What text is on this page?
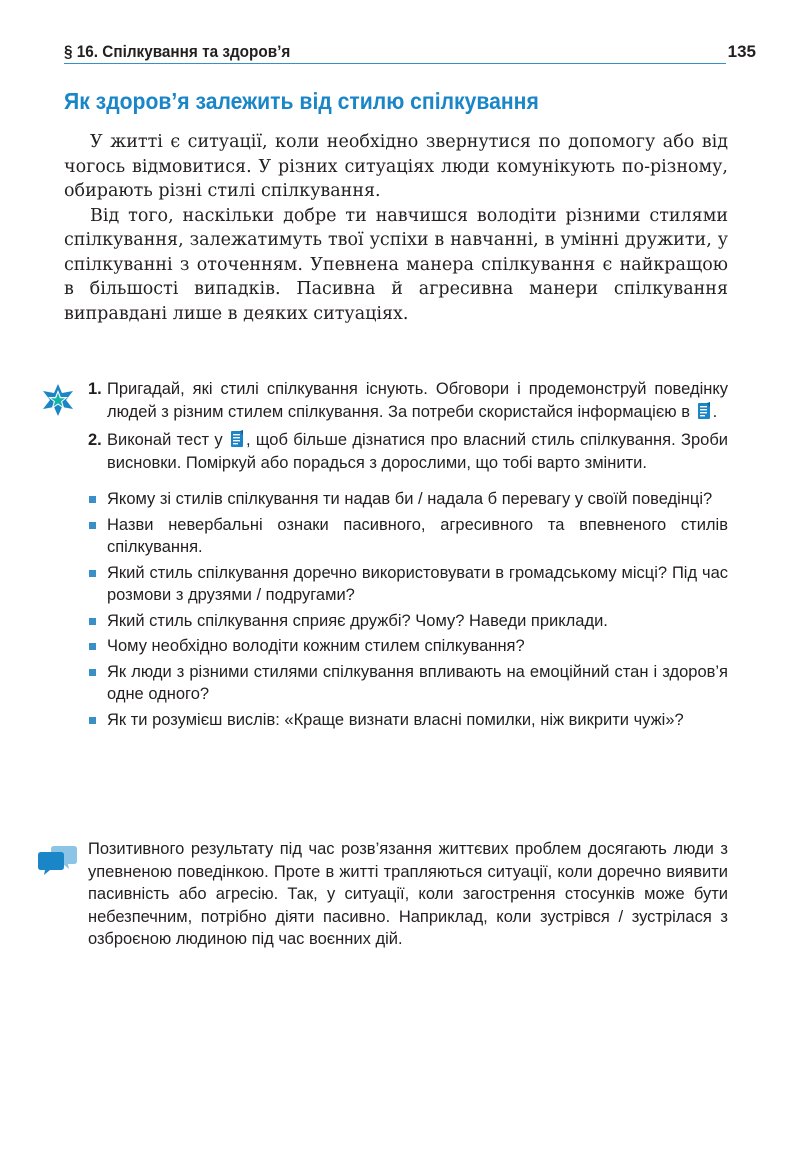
§ 16. Спілкування та здоров’я	135
Як здоров’я залежить від стилю спілкування

У житті є ситуації, коли необхідно звернутися по допомогу або від чогось відмовитися. У різних ситуаціях люди комунікують по-різному, обирають різні стилі спілкування.

Від того, наскільки добре ти навчишся володіти різними стилями спілкування, залежатимуть твої успіхи в навчанні, в умінні дружити, у спілкуванні з оточенням. Упевнена манера спілкування є найкращою в більшості випадків. Пасивна й агресивна манери спілкування виправдані лише в деяких ситуаціях.

1. Пригадай, які стилі спілкування існують. Обговори і продемонструй поведінку людей з різним стилем спілкування. За потреби скористайся інформацією в .
2. Виконай тест у , щоб більше дізнатися про власний стиль спілкування. Зроби висновки. Поміркуй або порадься з дорослими, що тобі варто змінити.
Якому зі стилів спілкування ти надав би / надала б перевагу у своїй поведінці?
Назви невербальні ознаки пасивного, агресивного та впевненого стилів спілкування.
Який стиль спілкування доречно використовувати в громадському місці? Під час розмови з друзями / подругами?
Який стиль спілкування сприяє дружбі? Чому? Наведи приклади.
Чому необхідно володіти кожним стилем спілкування?
Як люди з різними стилями спілкування впливають на емоційний стан і здоров’я одне одного?
Як ти розумієш вислів: «Краще визнати власні помилки, ніж викрити чужі»?
Позитивного результату під час розв’язання життєвих проблем досягають люди з упевненою поведінкою. Проте в житті трапляються ситуації, коли доречно виявити пасивність або агресію. Так, у ситуації, коли загострення стосунків може бути небезпечним, потрібно діяти пасивно. Наприклад, коли зустрівся / зустрілася з озброєною людиною під час воєнних дій.
